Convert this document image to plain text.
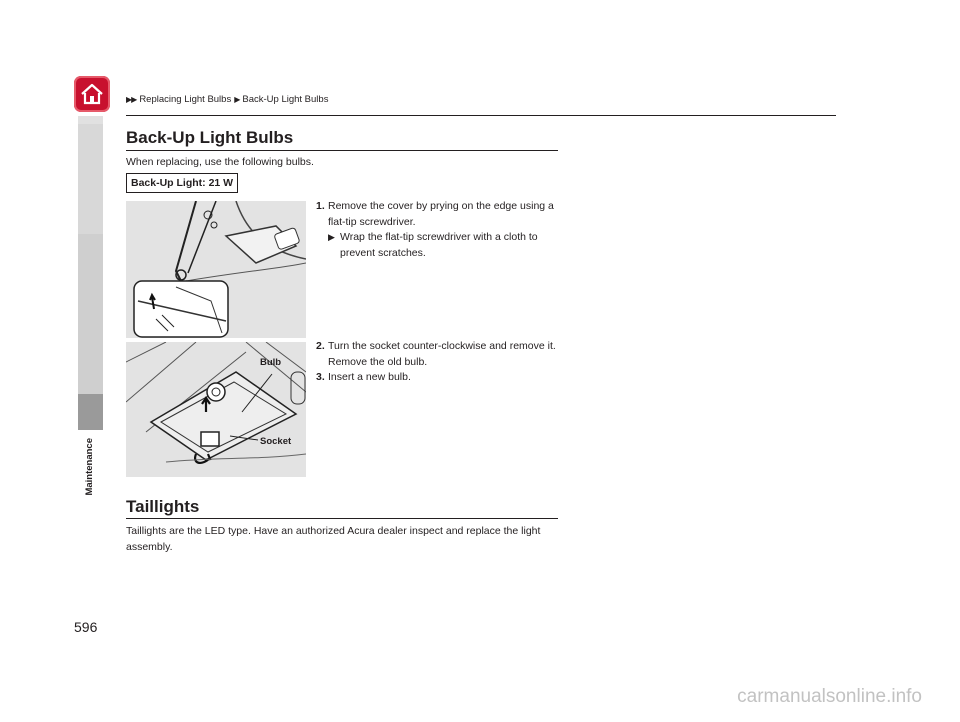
▶▶ Replacing Light Bulbs ▶ Back-Up Light Bulbs
Maintenance
Back-Up Light Bulbs
When replacing, use the following bulbs.
Back-Up Light: 21 W
Bulb
Socket
1. Remove the cover by prying on the edge using a flat-tip screwdriver.
▶ Wrap the flat-tip screwdriver with a cloth to prevent scratches.
2. Turn the socket counter-clockwise and remove it. Remove the old bulb.
3. Insert a new bulb.
Taillights
Taillights are the LED type. Have an authorized Acura dealer inspect and replace the light assembly.
596
carmanualsonline.info
